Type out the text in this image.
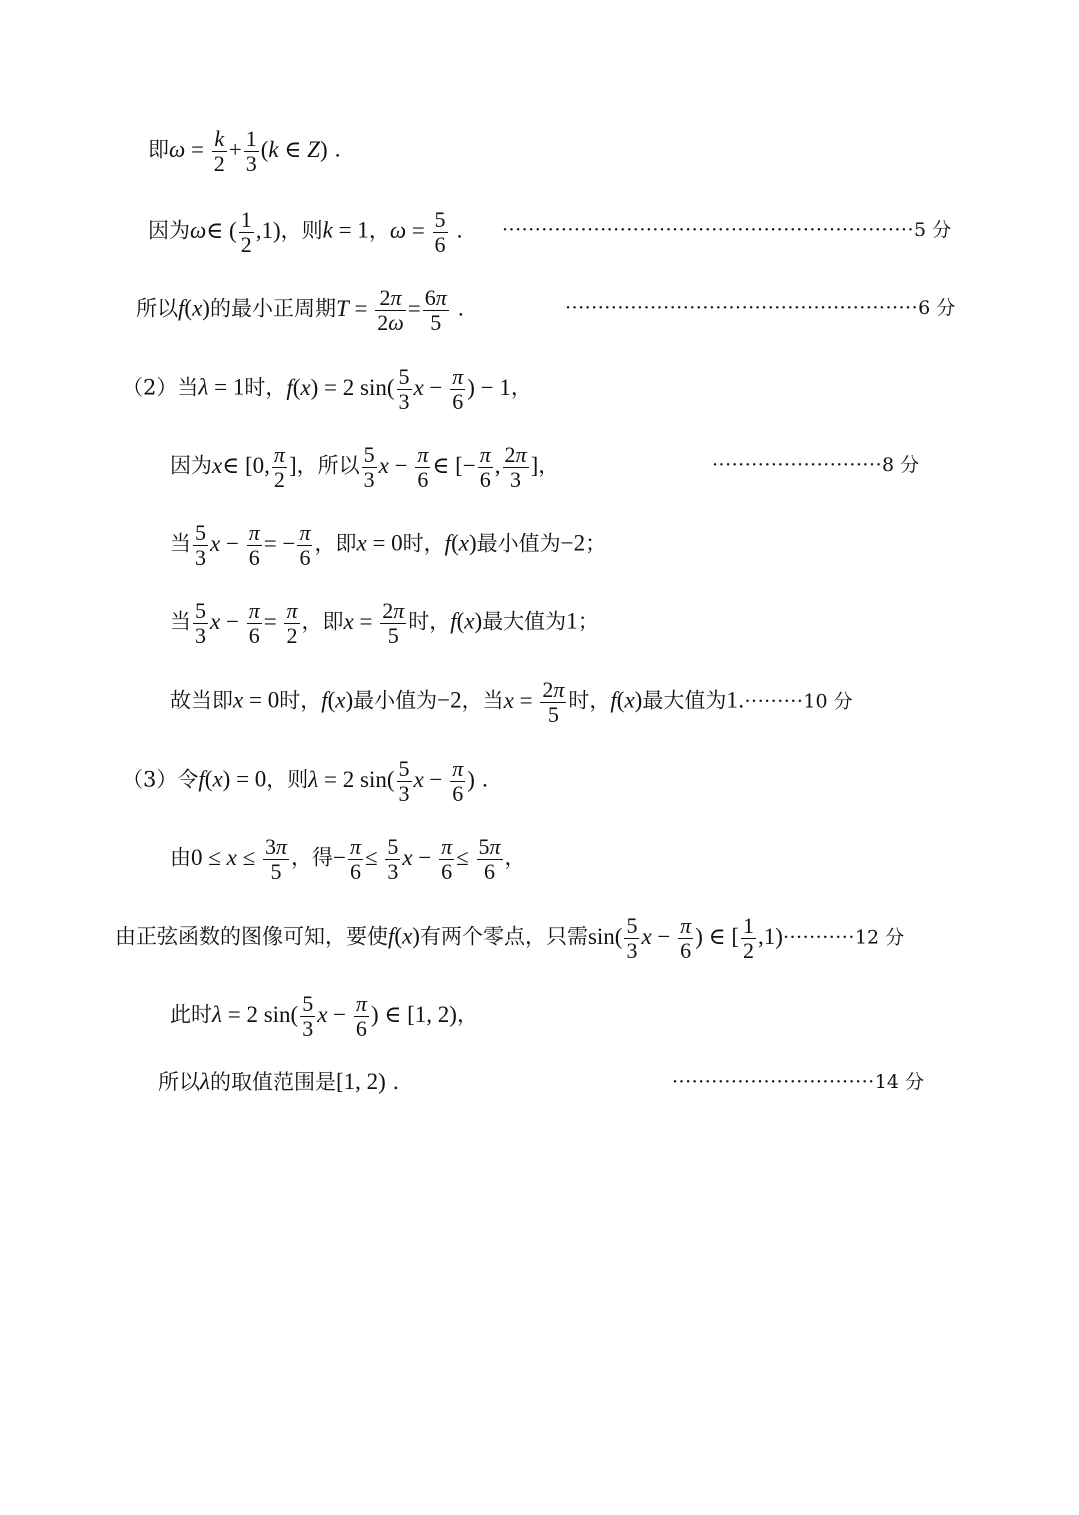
即$\omega = \frac{k}{2} + \frac{1}{3} (k$ ∈ Z) .
因为ω∈ ( $\frac{1}{2} ,1$)，则k = 1，$\omega = \frac{5}{6}$ . ·······························································5 分
所以f(x)的最小正周期$T = \frac{2\pi}{2\omega} = \frac{6\pi}{5}$ .	······················································6 分
（2）当λ = 1时，f(x) = 2 $\sin( \frac{5}{3}$ $x - \frac{\pi}{6}$ ) − 1，
因为x∈ [0, $\frac{\pi}{2}$ ]，所以 $\frac{5}{3}$ $x - \frac{\pi}{6}$ ∈ [− $\frac{\pi}{6}$ , $\frac{2\pi}{3}$ ]，	··························8 分
当 $\frac{5}{3}$ $x - \frac{\pi}{6}$ = − $\frac{\pi}{6}$ ，即x = 0时，f(x)最小值为−2；
当 $\frac{5}{3}$ $x - \frac{\pi}{6} = \frac{\pi}{2}$ ，即$x = \frac{2\pi}{5}$ 时，f(x)最大值为1；
故当即x = 0时，f(x)最小值为−2，当$x = \frac{2\pi}{5}$ 时，f(x)最大值为1.·········10 分
（3）令f(x) = 0，则λ = 2 $\sin( \frac{5}{3}$ $x - \frac{\pi}{6}$ ) .
由$0 \le x \le \frac{3\pi}{5}$ ，得− $\frac{\pi}{6} \le \frac{5}{3}$ $x - \frac{\pi}{6} \le \frac{5\pi}{6}$ ，
由正弦函数的图像可知，要使f(x)有两个零点，只需$\sin( \frac{5}{3}$ $x - \frac{\pi}{6}$ ) ∈ [ $\frac{1}{2} ,1)\cdot\cdot\cdot\cdot\cdot\cdot\cdot\cdot\cdot\cdot\cdot 12$ 分
此时λ = 2 $\sin( \frac{5}{3}$ $x - \frac{\pi}{6}$ ) ∈ [1, 2)，
所以λ的取值范围是[1, 2) .	·······························14 分
